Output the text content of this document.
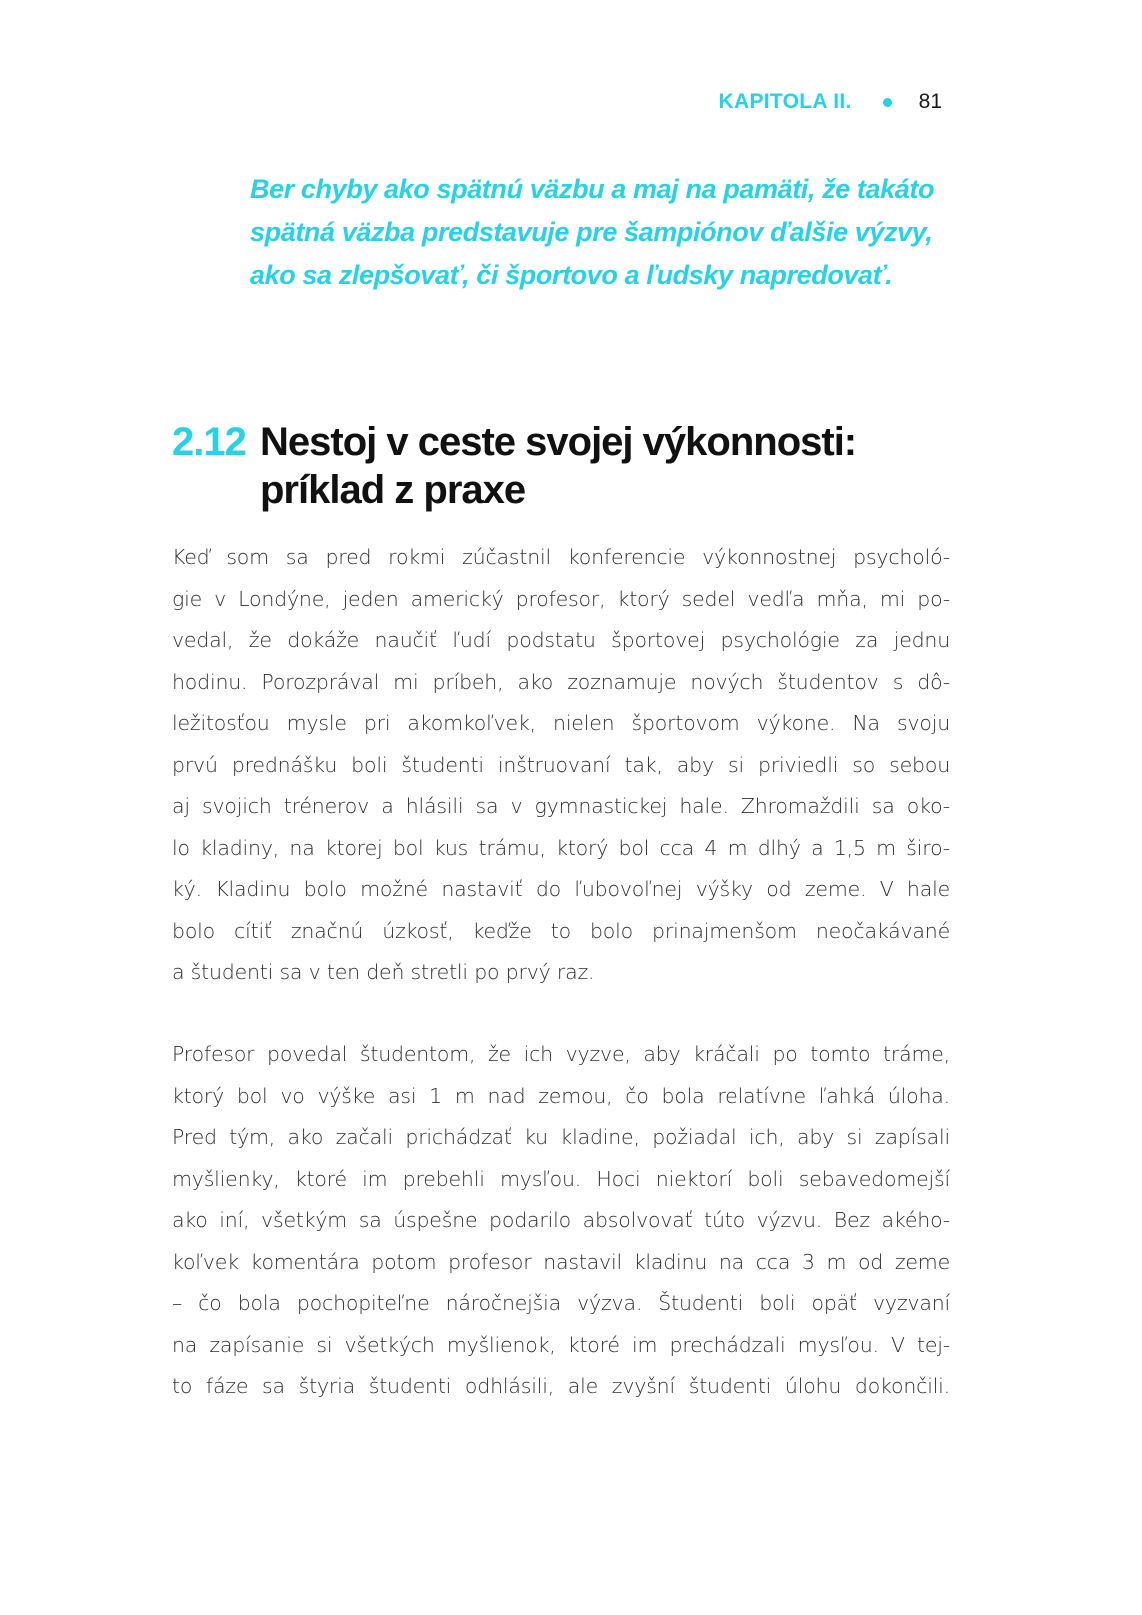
KAPITOLA II.	81
Ber chyby ako spätnú väzbu a maj na pamäti, že takáto
spätná väzba predstavuje pre šampiónov ďalšie výzvy,
ako sa zlepšovať, či športovo a ľudsky napredovať.
2.12 Nestoj v ceste svojej výkonnosti:
príklad z praxe
Keď som sa pred rokmi zúčastnil konferencie výkonnostnej psycholó-
gie v Londýne, jeden americký profesor, ktorý sedel vedľa mňa, mi po-
vedal, že dokáže naučiť ľudí podstatu športovej psychológie za jednu
hodinu. Porozprával mi príbeh, ako zoznamuje nových študentov s dô-
ležitosťou mysle pri akomkoľvek, nielen športovom výkone. Na svoju
prvú prednášku boli študenti inštruovaní tak, aby si priviedli so sebou
aj svojich trénerov a hlásili sa v gymnastickej hale. Zhromaždili sa oko-
lo kladiny, na ktorej bol kus trámu, ktorý bol cca 4 m dlhý a 1,5 m širo-
ký. Kladinu bolo možné nastaviť do ľubovoľnej výšky od zeme. V hale
bolo cítiť značnú úzkosť, keďže to bolo prinajmenšom neočakávané
a študenti sa v ten deň stretli po prvý raz.
Profesor povedal študentom, že ich vyzve, aby kráčali po tomto tráme,
ktorý bol vo výške asi 1 m nad zemou, čo bola relatívne ľahká úloha.
Pred tým, ako začali prichádzať ku kladine, požiadal ich, aby si zapísali
myšlienky, ktoré im prebehli mysľou. Hoci niektorí boli sebavedomejší
ako iní, všetkým sa úspešne podarilo absolvovať túto výzvu. Bez akého-
koľvek komentára potom profesor nastavil kladinu na cca 3 m od zeme
– čo bola pochopiteľne náročnejšia výzva. Študenti boli opäť vyzvaní
na zapísanie si všetkých myšlienok, ktoré im prechádzali mysľou. V tej-
to fáze sa štyria študenti odhlásili, ale zvyšní študenti úlohu dokončili.
